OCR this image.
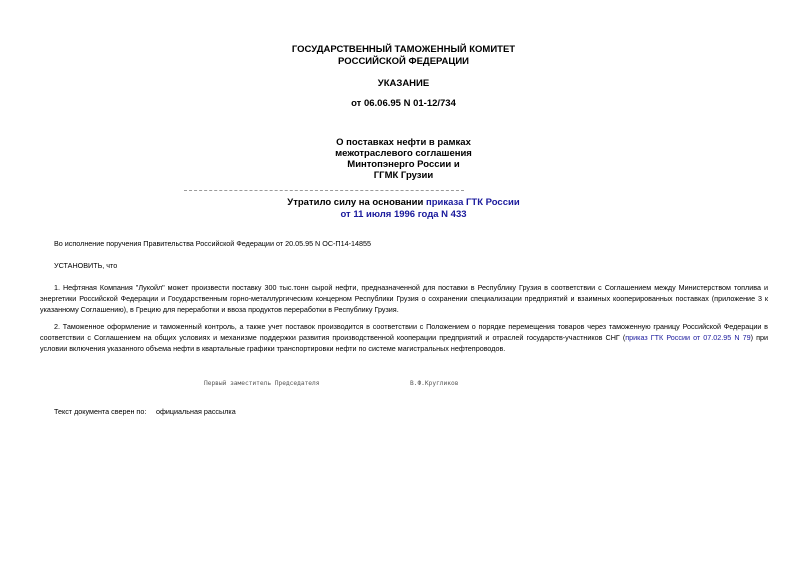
ГОСУДАРСТВЕННЫЙ ТАМОЖЕННЫЙ КОМИТЕТ
РОССИЙСКОЙ ФЕДЕРАЦИИ
УКАЗАНИЕ
от 06.06.95 N 01-12/734
О поставках нефти в рамках
межотраслевого соглашения
Минтопэнерго России и
ГГМК Грузии
Утратило силу на основании приказа ГТК России
от 11 июля 1996 года N 433
Во исполнение поручения Правительства Российской Федерации от 20.05.95 N ОС-П14-14855
УСТАНОВИТЬ, что
1. Нефтяная Компания "Лукойл" может произвести поставку 300 тыс.тонн сырой нефти, предназначенной для поставки в Республику Грузия в соответствии с Соглашением между Министерством топлива и энергетики Российской Федерации и Государственным горно-металлургическим концерном Республики Грузия о сохранении специализации предприятий и взаимных кооперированных поставках (приложение 3 к указанному Соглашению), в Грецию для переработки и ввоза продуктов переработки в Республику Грузия.
2. Таможенное оформление и таможенный контроль, а также учет поставок производится в соответствии с Положением о порядке перемещения товаров через таможенную границу Российской Федерации в соответствии с Соглашением на общих условиях и механизме поддержки развития производственной кооперации предприятий и отраслей государств-участников СНГ (приказ ГТК России от 07.02.95 N 79) при условии включения указанного объема нефти в квартальные графики транспортировки нефти по системе магистральных нефтепроводов.
Первый заместитель Председателя	В.Ф.Кругликов
Текст документа сверен по: официальная рассылка
